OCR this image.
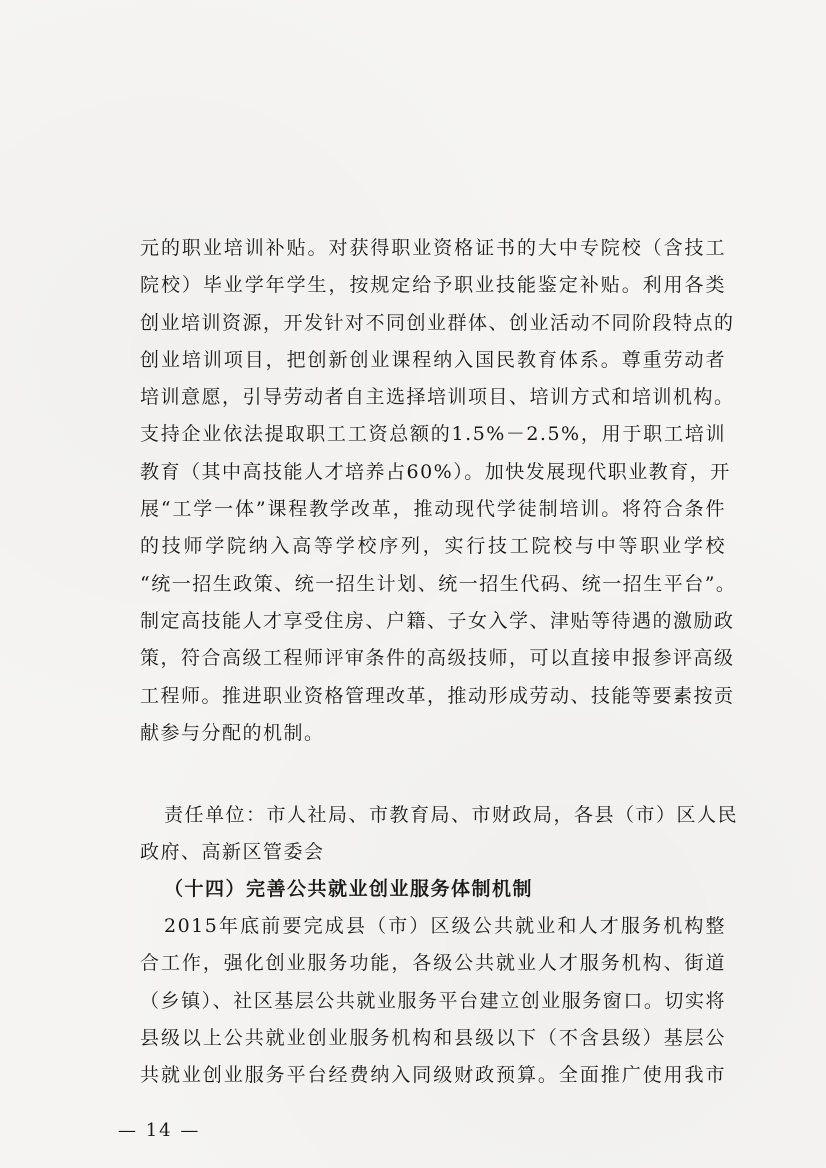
元的职业培训补贴。对获得职业资格证书的大中专院校（含技工
院校）毕业学年学生，按规定给予职业技能鉴定补贴。利用各类
创业培训资源，开发针对不同创业群体、创业活动不同阶段特点的
创业培训项目，把创新创业课程纳入国民教育体系。尊重劳动者
培训意愿，引导劳动者自主选择培训项目、培训方式和培训机构。
支持企业依法提取职工工资总额的1.5%－2.5%，用于职工培训
教育（其中高技能人才培养占60%）。加快发展现代职业教育，开
展“工学一体”课程教学改革，推动现代学徒制培训。将符合条件
的技师学院纳入高等学校序列，实行技工院校与中等职业学校
“统一招生政策、统一招生计划、统一招生代码、统一招生平台”。
制定高技能人才享受住房、户籍、子女入学、津贴等待遇的激励政
策，符合高级工程师评审条件的高级技师，可以直接申报参评高级
工程师。推进职业资格管理改革，推动形成劳动、技能等要素按贡
献参与分配的机制。
责任单位：市人社局、市教育局、市财政局，各县（市）区人民
政府、高新区管委会
（十四）完善公共就业创业服务体制机制
2015年底前要完成县（市）区级公共就业和人才服务机构整
合工作，强化创业服务功能，各级公共就业人才服务机构、街道
（乡镇）、社区基层公共就业服务平台建立创业服务窗口。切实将
县级以上公共就业创业服务机构和县级以下（不含县级）基层公
共就业创业服务平台经费纳入同级财政预算。全面推广使用我市
— 14 —
